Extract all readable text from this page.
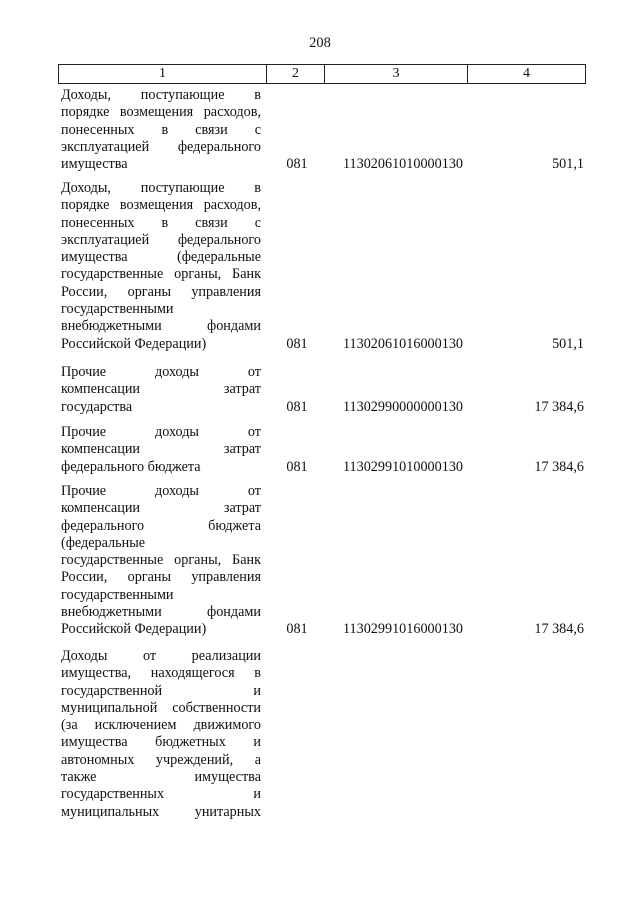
208
1	2	3	4
Доходы, поступающие в
порядке возмещения расходов,
понесенных в связи с
эксплуатацией федерального
имущества	081	11302061010000130	501,1
Доходы, поступающие в
порядке возмещения расходов,
понесенных в связи с
эксплуатацией федерального
имущества (федеральные
государственные органы, Банк
России, органы управления
государственными
внебюджетными фондами
Российской Федерации)	081	11302061016000130	501,1
Прочие доходы от
компенсации затрат
государства	081	11302990000000130	17 384,6
Прочие доходы от
компенсации затрат
федерального бюджета	081	11302991010000130	17 384,6
Прочие доходы от
компенсации затрат
федерального бюджета
(федеральные
государственные органы, Банк
России, органы управления
государственными
внебюджетными фондами
Российской Федерации)	081	11302991016000130	17 384,6
Доходы от реализации
имущества, находящегося в
государственной и
муниципальной собственности
(за исключением движимого
имущества бюджетных и
автономных учреждений, а
также имущества
государственных и
муниципальных унитарных
